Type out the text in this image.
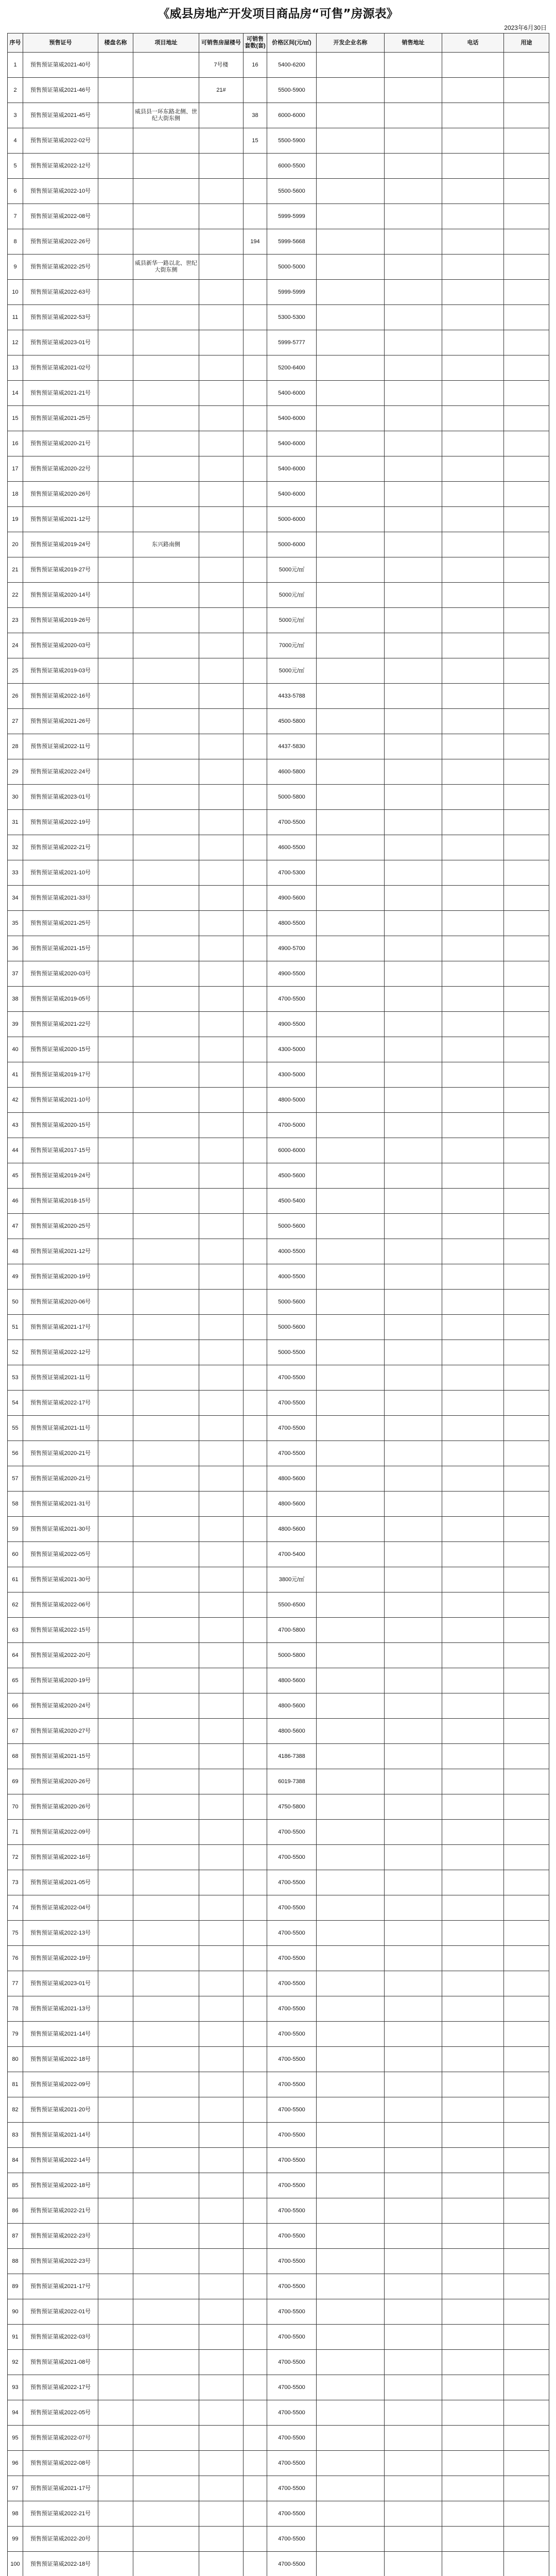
《威县房地产开发项目商品房“可售”房源表》
2023年6月30日
序号	预售证号	楼盘名称	项目地址	可销售房屋楼号	可销售套数(套)	价格区间(元/㎡)	开发企业名称	销售地址	电话	用途
1	预售预证第威2021-40号			7号楼	16	5400-6200				
2	预售预证第威2021-46号			21#		5500-5900				
3	预售预证第威2021-45号		威县县一环东路北侧、世纪大街东侧		38	6000-6000				
4	预售预证第威2022-02号				15	5500-5900				
5	预售预证第威2022-12号					6000-5500				
6	预售预证第威2022-10号					5500-5600				
7	预售预证第威2022-08号					5999-5999				
8	预售预证第威2022-26号				194	5999-5668				
9	预售预证第威2022-25号		威县新华一路以北、世纪大街东侧			5000-5000				
10	预售预证第威2022-63号					5999-5999				
11	预售预证第威2022-53号					5300-5300				
12	预售预证第威2023-01号					5999-5777				
13	预售预证第威2021-02号					5200-6400				
14	预售预证第威2021-21号					5400-6000				
15	预售预证第威2021-25号					5400-6000				
16	预售预证第威2020-21号					5400-6000				
17	预售预证第威2020-22号					5400-6000				
18	预售预证第威2020-26号					5400-6000				
19	预售预证第威2021-12号					5000-6000				
20	预售预证第威2019-24号		东兴路南侧			5000-6000				
21	预售预证第威2019-27号					5000元/㎡				
22	预售预证第威2020-14号					5000元/㎡				
23	预售预证第威2019-26号					5000元/㎡				
24	预售预证第威2020-03号					7000元/㎡				
25	预售预证第威2019-03号					5000元/㎡				
26	预售预证第威2022-16号					4433-5788				
27	预售预证第威2021-26号					4500-5800				
28	预售预证第威2022-11号					4437-5830				
29	预售预证第威2022-24号					4600-5800				
30	预售预证第威2023-01号					5000-5800				
31	预售预证第威2022-19号					4700-5500				
32	预售预证第威2022-21号					4600-5500				
33	预售预证第威2021-10号					4700-5300				
34	预售预证第威2021-33号					4900-5600				
35	预售预证第威2021-25号					4800-5500				
36	预售预证第威2021-15号					4900-5700				
37	预售预证第威2020-03号					4900-5500				
38	预售预证第威2019-05号					4700-5500				
39	预售预证第威2021-22号					4900-5500				
40	预售预证第威2020-15号					4300-5000				
41	预售预证第威2019-17号					4300-5000				
42	预售预证第威2021-10号					4800-5000				
43	预售预证第威2020-15号					4700-5000				
44	预售预证第威2017-15号					6000-6000				
45	预售预证第威2019-24号					4500-5600				
46	预售预证第威2018-15号					4500-5400				
47	预售预证第威2020-25号					5000-5600				
48	预售预证第威2021-12号					4000-5500				
49	预售预证第威2020-19号					4000-5500				
50	预售预证第威2020-06号					5000-5600				
51	预售预证第威2021-17号					5000-5600				
52	预售预证第威2022-12号					5000-5500				
53	预售预证第威2021-11号					4700-5500				
54	预售预证第威2022-17号					4700-5500				
55	预售预证第威2021-11号					4700-5500				
56	预售预证第威2020-21号					4700-5500				
57	预售预证第威2020-21号					4800-5600				
58	预售预证第威2021-31号					4800-5600				
59	预售预证第威2021-30号					4800-5600				
60	预售预证第威2022-05号					4700-5400				
61	预售预证第威2021-30号					3800元/㎡				
62	预售预证第威2022-06号					5500-6500				
63	预售预证第威2022-15号					4700-5800				
64	预售预证第威2022-20号					5000-5800				
65	预售预证第威2020-19号					4800-5600				
66	预售预证第威2020-24号					4800-5600				
67	预售预证第威2020-27号					4800-5600				
68	预售预证第威2021-15号					4186-7388				
69	预售预证第威2020-26号					6019-7388				
70	预售预证第威2020-26号					4750-5800				
71	预售预证第威2022-09号					4700-5500				
72	预售预证第威2022-16号					4700-5500				
73	预售预证第威2021-05号					4700-5500				
74	预售预证第威2022-04号					4700-5500				
75	预售预证第威2022-13号					4700-5500				
76	预售预证第威2022-19号					4700-5500				
77	预售预证第威2023-01号					4700-5500				
78	预售预证第威2021-13号					4700-5500				
79	预售预证第威2021-14号					4700-5500				
80	预售预证第威2022-18号					4700-5500				
81	预售预证第威2022-09号					4700-5500				
82	预售预证第威2021-20号					4700-5500				
83	预售预证第威2021-14号					4700-5500				
84	预售预证第威2022-14号					4700-5500				
85	预售预证第威2022-18号					4700-5500				
86	预售预证第威2022-21号					4700-5500				
87	预售预证第威2022-23号					4700-5500				
88	预售预证第威2022-23号					4700-5500				
89	预售预证第威2021-17号					4700-5500				
90	预售预证第威2022-01号					4700-5500				
91	预售预证第威2022-03号					4700-5500				
92	预售预证第威2021-08号					4700-5500				
93	预售预证第威2022-17号					4700-5500				
94	预售预证第威2022-05号					4700-5500				
95	预售预证第威2022-07号					4700-5500				
96	预售预证第威2022-08号					4700-5500				
97	预售预证第威2021-17号					4700-5500				
98	预售预证第威2022-21号					4700-5500				
99	预售预证第威2022-20号					4700-5500				
100	预售预证第威2022-18号					4700-5500				
